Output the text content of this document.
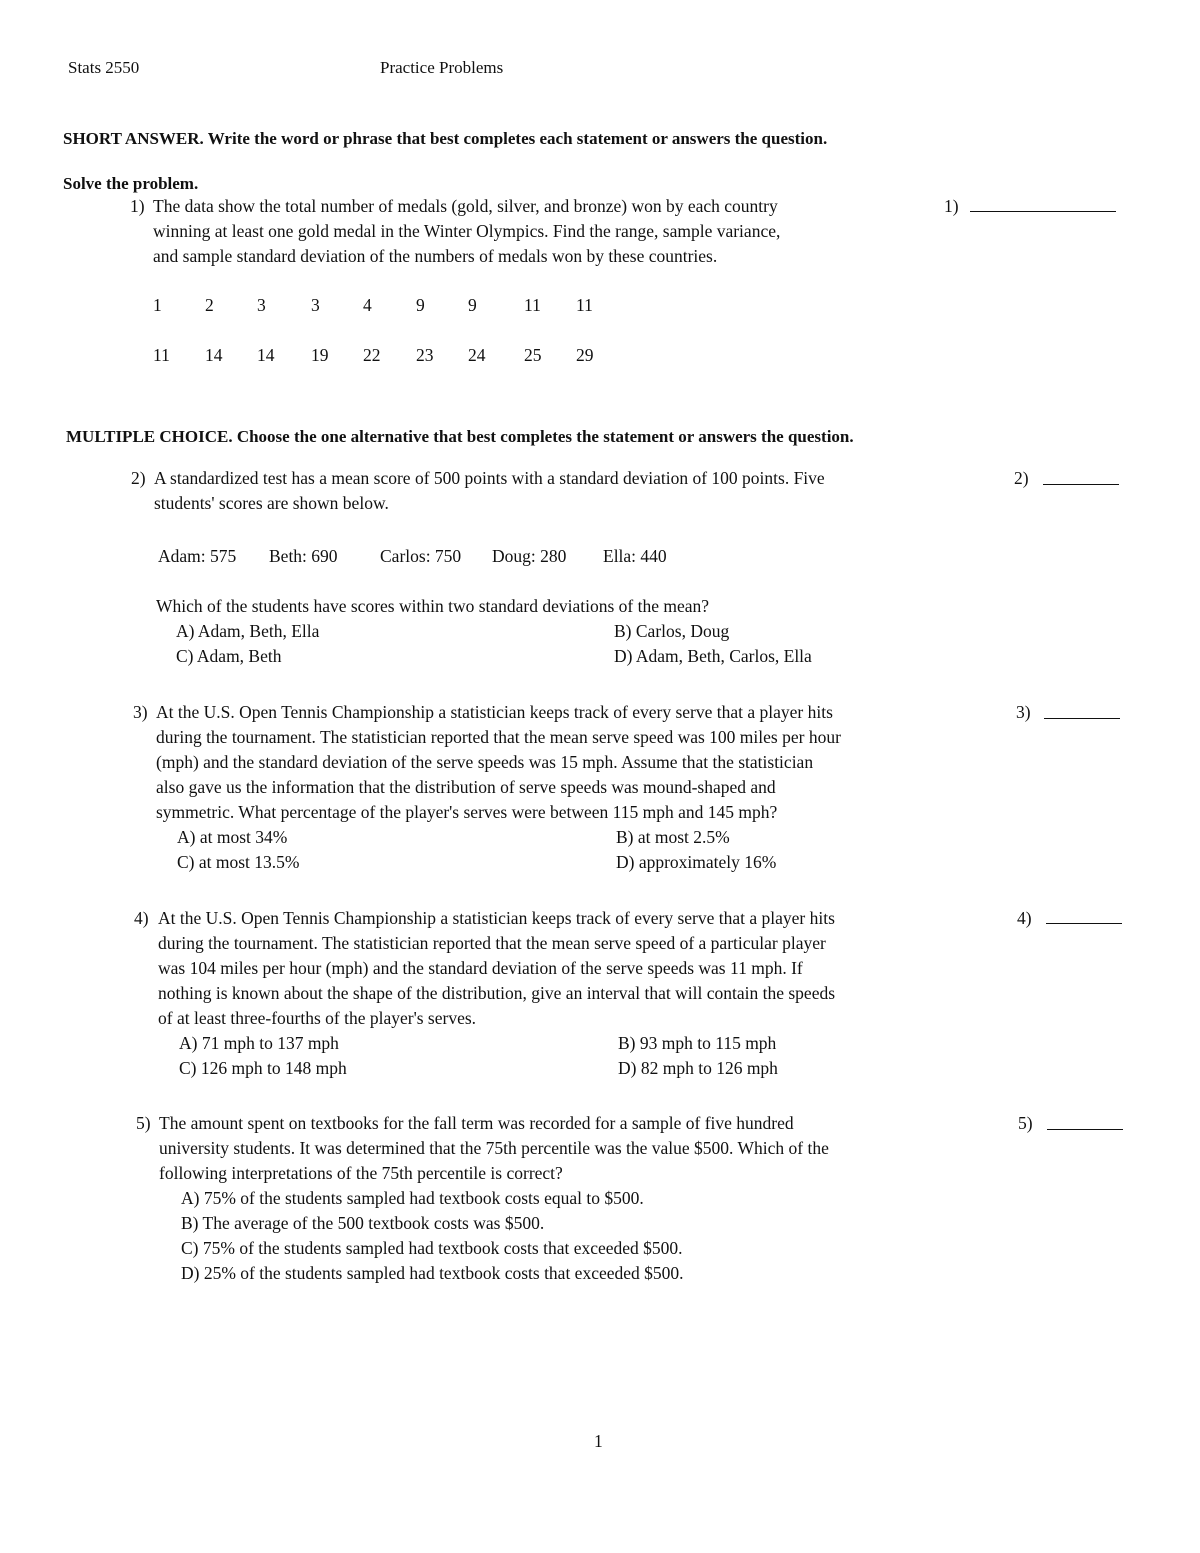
Stats 2550	Practice Problems
SHORT ANSWER. Write the word or phrase that best completes each statement or answers the question.
Solve the problem.
1) The data show the total number of medals (gold, silver, and bronze) won by each country
winning at least one gold medal in the Winter Olympics. Find the range, sample variance,
and sample standard deviation of the numbers of medals won by these countries.
1)
1 2 3	3 4	9 9	11 11
11 14 14 19 22 23 24 25 29
MULTIPLE CHOICE. Choose the one alternative that best completes the statement or answers the question.
2) A standardized test has a mean score of 500 points with a standard deviation of 100 points. Five
students' scores are shown below.
2)
Adam: 575 Beth: 690 Carlos: 750 Doug: 280 Ella: 440
Which of the students have scores within two standard deviations of the mean?
A) Adam, Beth, Ella	B) Carlos, Doug
C) Adam, Beth	D) Adam, Beth, Carlos, Ella
3) At the U.S. Open Tennis Championship a statistician keeps track of every serve that a player hits
during the tournament. The statistician reported that the mean serve speed was 100 miles per hour
(mph) and the standard deviation of the serve speeds was 15 mph. Assume that the statistician
also gave us the information that the distribution of serve speeds was mound-shaped and
symmetric. What percentage of the player's serves were between 115 mph and 145 mph?
3)
A) at most 34%	B) at most 2.5%
C) at most 13.5%	D) approximately 16%
4) At the U.S. Open Tennis Championship a statistician keeps track of every serve that a player hits
during the tournament. The statistician reported that the mean serve speed of a particular player
was 104 miles per hour (mph) and the standard deviation of the serve speeds was 11 mph. If
nothing is known about the shape of the distribution, give an interval that will contain the speeds
of at least three-fourths of the player's serves.
4)
A) 71 mph to 137 mph	B) 93 mph to 115 mph
C) 126 mph to 148 mph	D) 82 mph to 126 mph
5) The amount spent on textbooks for the fall term was recorded for a sample of five hundred
university students. It was determined that the 75th percentile was the value $500. Which of the
following interpretations of the 75th percentile is correct?
5)
A) 75% of the students sampled had textbook costs equal to $500.
B) The average of the 500 textbook costs was $500.
C) 75% of the students sampled had textbook costs that exceeded $500.
D) 25% of the students sampled had textbook costs that exceeded $500.
1
